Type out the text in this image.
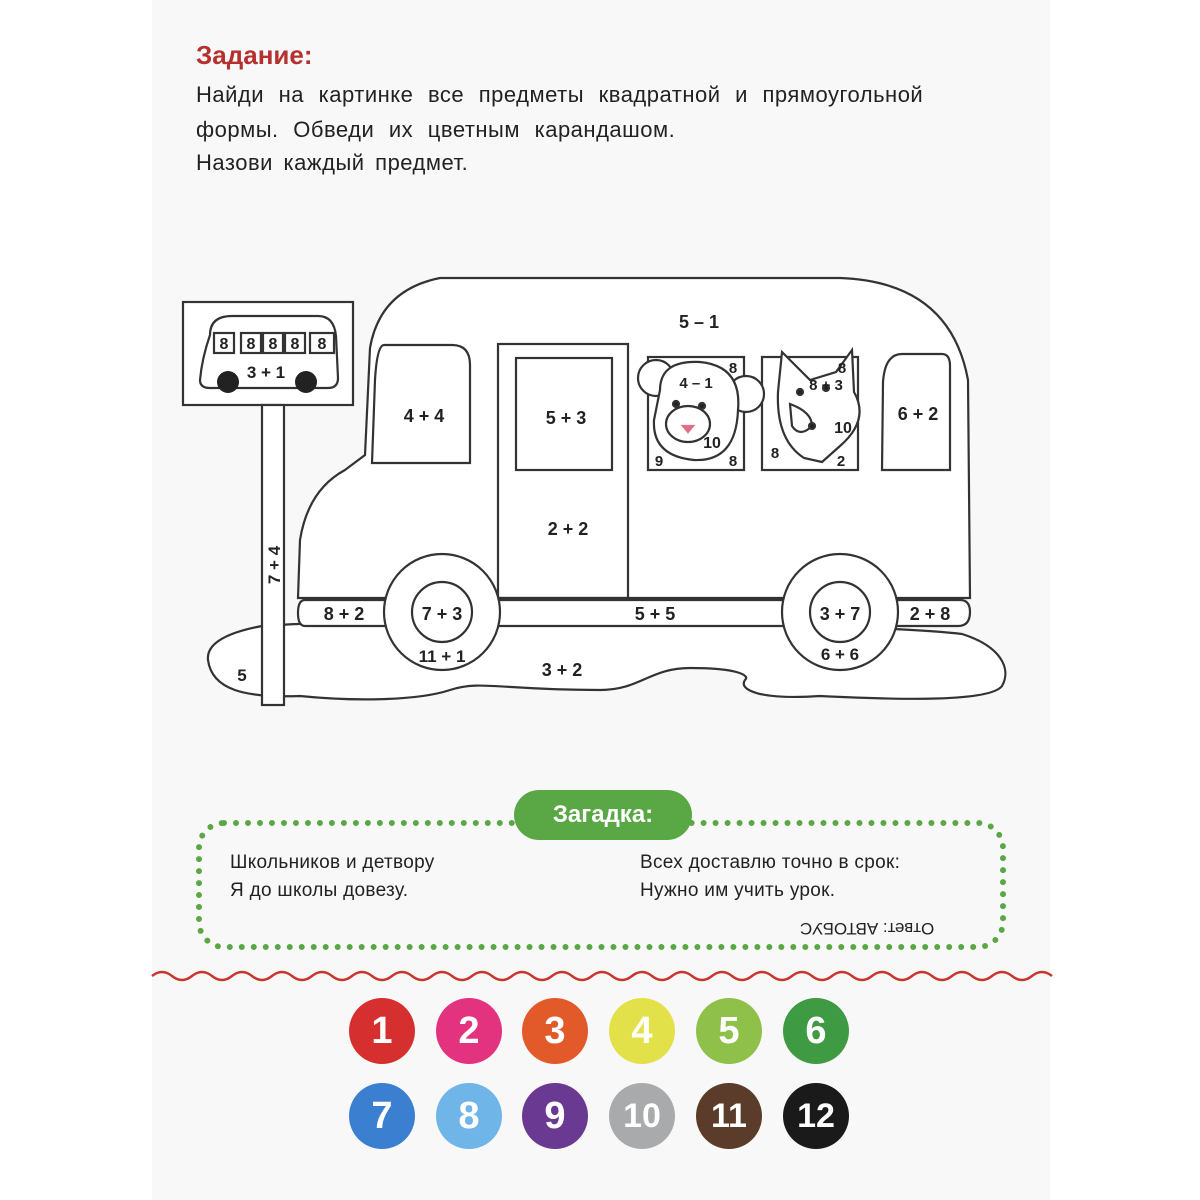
Задание:
Найди на картинке все предметы квадратной и прямоугольной
формы. Обведи их цветным карандашом.
Назови каждый предмет.
8 8 8 8 8
3 + 1
7 + 4
5
5 – 1
4 + 4	5 + 3
2 + 2
6 + 2
4 – 1
8
10
9	8
8 + 3
10
8	2
8
8 + 2	7 + 3
11 + 1
5 + 5	3 + 7
6 + 6
2 + 8
3 + 2
Загадка:
Школьников и детвору
Я до школы довезу.
Всех доставлю точно в срок:
Нужно им учить урок.
Ответ: АВТОБУС
1	2	3	4	5	6
7	8	9	10	11	12
